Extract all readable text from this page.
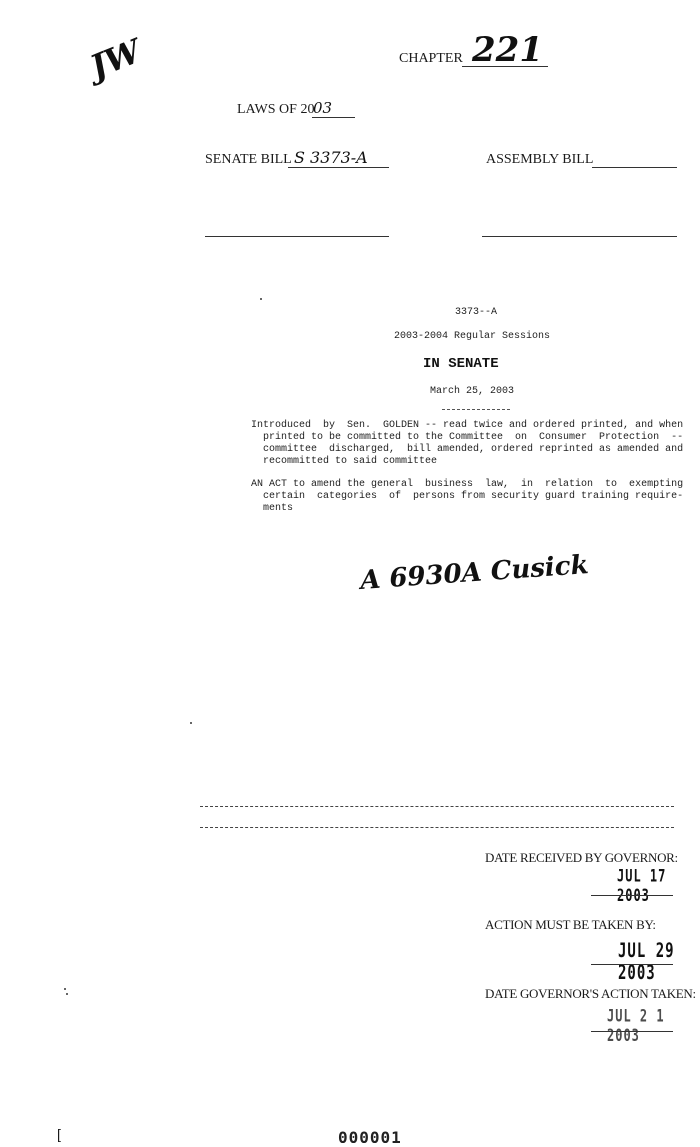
JW	CHAPTER 221
LAWS OF 20
03
SENATE BILL S 3373-A	ASSEMBLY BILL
3373--A
2003-2004 Regular Sessions
IN SENATE
March 25, 2003
Introduced  by  Sen.  GOLDEN -- read twice and ordered printed, and when
printed to be committed to the Committee  on  Consumer  Protection  --
committee  discharged,  bill amended, ordered reprinted as amended and
recommitted to said committee
AN ACT to amend the general  business  law,  in  relation  to  exempting
certain  categories  of  persons from security guard training require-
ments
A 6930A Cusick
DATE RECEIVED BY GOVERNOR:
JUL 17 2003
ACTION MUST BE TAKEN BY:
JUL 29 2003
DATE GOVERNOR'S ACTION TAKEN:
JUL 2 1 2003
[	000001
